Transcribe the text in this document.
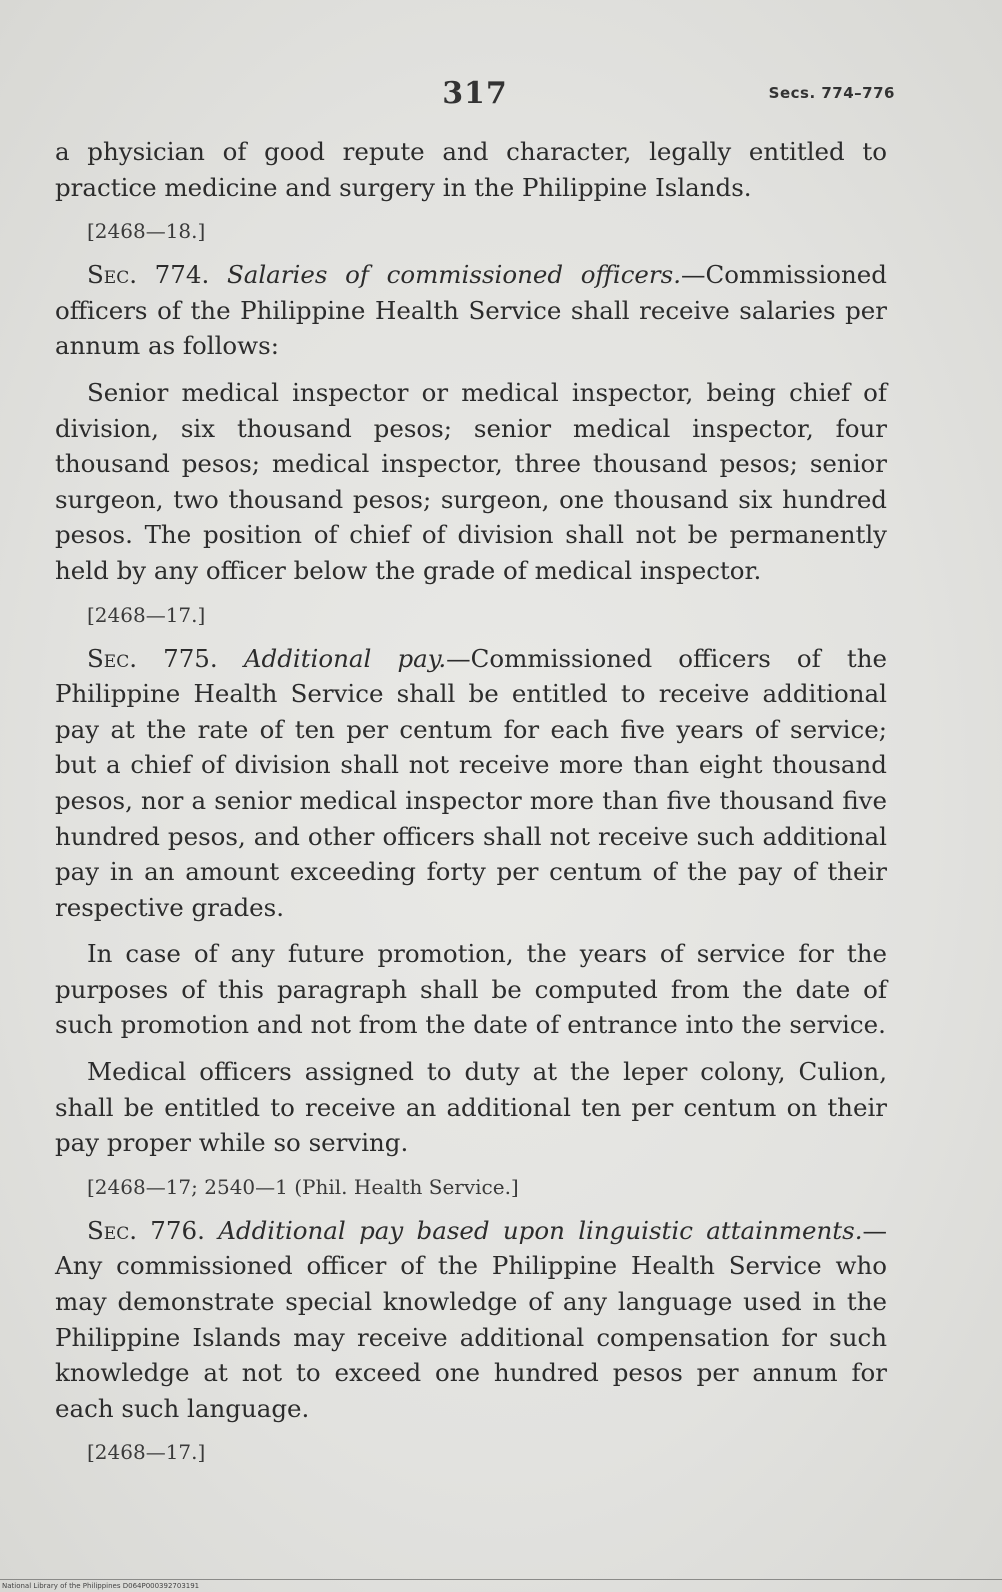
317	Secs. 774–776

a physician of good repute and character, legally entitled to practice medicine and surgery in the Philippine Islands.

[2468—18.]

Sec. 774. Salaries of commissioned officers.—Commissioned officers of the Philippine Health Service shall receive salaries per annum as follows:

Senior medical inspector or medical inspector, being chief of division, six thousand pesos; senior medical inspector, four thousand pesos; medical inspector, three thousand pesos; senior surgeon, two thousand pesos; surgeon, one thousand six hundred pesos. The position of chief of division shall not be permanently held by any officer below the grade of medical inspector.

[2468—17.]

Sec. 775. Additional pay.—Commissioned officers of the Philippine Health Service shall be entitled to receive additional pay at the rate of ten per centum for each five years of service; but a chief of division shall not receive more than eight thousand pesos, nor a senior medical inspector more than five thousand five hundred pesos, and other officers shall not receive such additional pay in an amount exceeding forty per centum of the pay of their respective grades.

In case of any future promotion, the years of service for the purposes of this paragraph shall be computed from the date of such promotion and not from the date of entrance into the service.

Medical officers assigned to duty at the leper colony, Culion, shall be entitled to receive an additional ten per centum on their pay proper while so serving.

[2468—17; 2540—1 (Phil. Health Service.]

Sec. 776. Additional pay based upon linguistic attainments.—Any commissioned officer of the Philippine Health Service who may demonstrate special knowledge of any language used in the Philippine Islands may receive additional compensation for such knowledge at not to exceed one hundred pesos per annum for each such language.

[2468—17.]

National Library of the Philippines D064P000392703191
